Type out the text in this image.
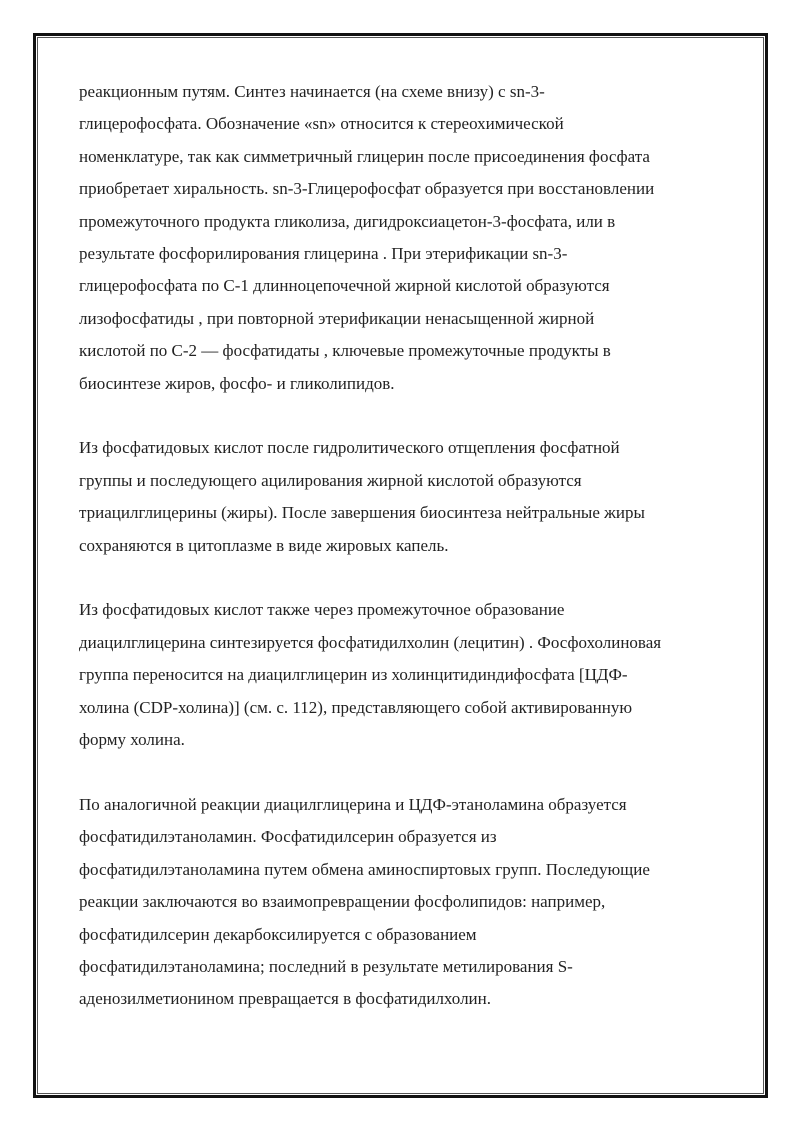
реакционным путям. Синтез начинается (на схеме внизу) с sn-3-
глицерофосфата. Обозначение «sn» относится к стереохимической
номенклатуре, так как симметричный глицерин после присоединения фосфата
приобретает хиральность. sn-3-Глицерофосфат образуется при восстановлении
промежуточного продукта гликолиза, дигидроксиацетон-3-фосфата, или в
результате фосфорилирования глицерина . При этерификации sn-3-
глицерофосфата по С-1 длинноцепочечной жирной кислотой образуются
лизофосфатиды , при повторной этерификации ненасыщенной жирной
кислотой по С-2 — фосфатидаты , ключевые промежуточные продукты в
биосинтезе жиров, фосфо- и гликолипидов.

Из фосфатидовых кислот после гидролитического отщепления фосфатной
группы и последующего ацилирования жирной кислотой образуются
триацилглицерины (жиры). После завершения биосинтеза нейтральные жиры
сохраняются в цитоплазме в виде жировых капель.

Из фосфатидовых кислот также через промежуточное образование
диацилглицерина синтезируется фосфатидилхолин (лецитин) . Фосфохолиновая
группа переносится на диацилглицерин из холинцитидиндифосфата [ЦДФ-
холина (CDP-холина)] (см. с. 112), представляющего собой активированную
форму холина.

По аналогичной реакции диацилглицерина и ЦДФ-этаноламина образуется
фосфатидилэтаноламин. Фосфатидилсерин образуется из
фосфатидилэтаноламина путем обмена аминоспиртовых групп. Последующие
реакции заключаются во взаимопревращении фосфолипидов: например,
фосфатидилсерин декарбоксилируется с образованием
фосфатидилэтаноламина; последний в результате метилирования S-
аденозилметионином превращается в фосфатидилхолин.
